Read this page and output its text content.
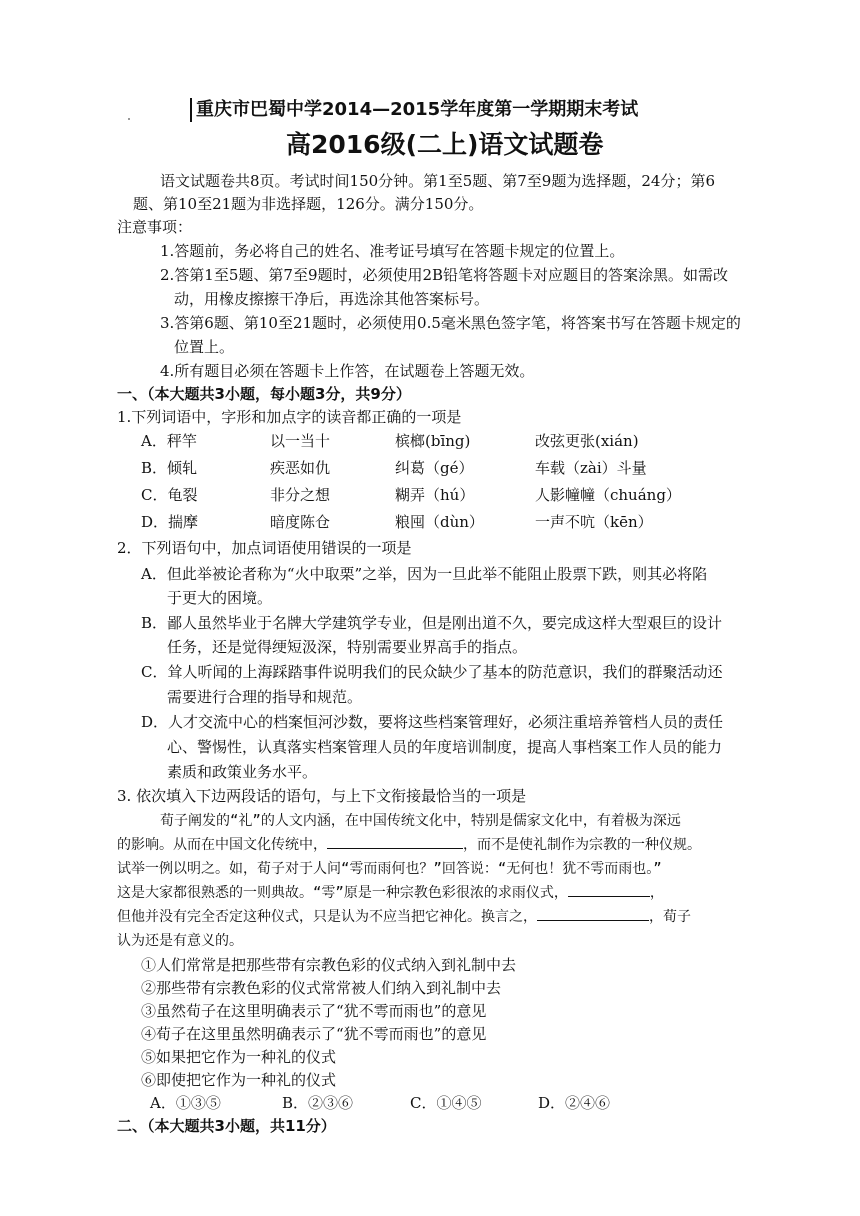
重庆市巴蜀中学2014—2015学年度第一学期期末考试
高2016级(二上)语文试题卷
语文试题卷共8页。考试时间150分钟。第1至5题、第7至9题为选择题，24分；第6
题、第10至21题为非选择题，126分。满分150分。
注意事项：
1.答题前，务必将自己的姓名、准考证号填写在答题卡规定的位置上。
2.答第1至5题、第7至9题时，必须使用2B铅笔将答题卡对应题目的答案涂黑。如需改
动，用橡皮擦擦干净后，再选涂其他答案标号。
3.答第6题、第10至21题时，必须使用0.5毫米黑色签字笔，将答案书写在答题卡规定的
位置上。
4.所有题目必须在答题卡上作答，在试题卷上答题无效。
一、（本大题共3小题，每小题3分，共9分）
1.下列词语中，字形和加点字的读音都正确的一项是
A．秤竿	以一当十	槟榔(bīng)	改弦更张(xián)
B．倾轧	疾恶如仇	纠葛（gé）	车载（zài）斗量
C．龟裂	非分之想	糊弄（hú）	人影幢幢（chuáng）
D．揣摩	暗度陈仓	粮囤（dùn）	一声不吭（kēn）
2．下列语句中，加点词语使用错误的一项是
A．但此举被论者称为“火中取栗”之举，因为一旦此举不能阻止股票下跌，则其必将陷
于更大的困境。
B．鄙人虽然毕业于名牌大学建筑学专业，但是刚出道不久，要完成这样大型艰巨的设计
任务，还是觉得绠短汲深，特别需要业界高手的指点。
C．耸人听闻的上海踩踏事件说明我们的民众缺少了基本的防范意识，我们的群聚活动还
需要进行合理的指导和规范。
D．人才交流中心的档案恒河沙数，要将这些档案管理好，必须注重培养管档人员的责任
心、警惕性，认真落实档案管理人员的年度培训制度，提高人事档案工作人员的能力
素质和政策业务水平。
3. 依次填入下边两段话的语句，与上下文衔接最恰当的一项是
荀子阐发的“礼”的人文内涵，在中国传统文化中，特别是儒家文化中，有着极为深远
的影响。从而在中国文化传统中，	，而不是使礼制作为宗教的一种仪规。
试举一例以明之。如，荀子对于人问“雩而雨何也？”回答说：“无何也！犹不雩而雨也。”
这是大家都很熟悉的一则典故。“雩”原是一种宗教色彩很浓的求雨仪式，	，
但他并没有完全否定这种仪式，只是认为不应当把它神化。换言之，	，荀子
认为还是有意义的。
①人们常常是把那些带有宗教色彩的仪式纳入到礼制中去
②那些带有宗教色彩的仪式常常被人们纳入到礼制中去
③虽然荀子在这里明确表示了“犹不雩而雨也”的意见
④荀子在这里虽然明确表示了“犹不雩而雨也”的意见
⑤如果把它作为一种礼的仪式
⑥即使把它作为一种礼的仪式
A．①③⑤	B．②③⑥	C．①④⑤	D．②④⑥
二、（本大题共3小题，共11分）
